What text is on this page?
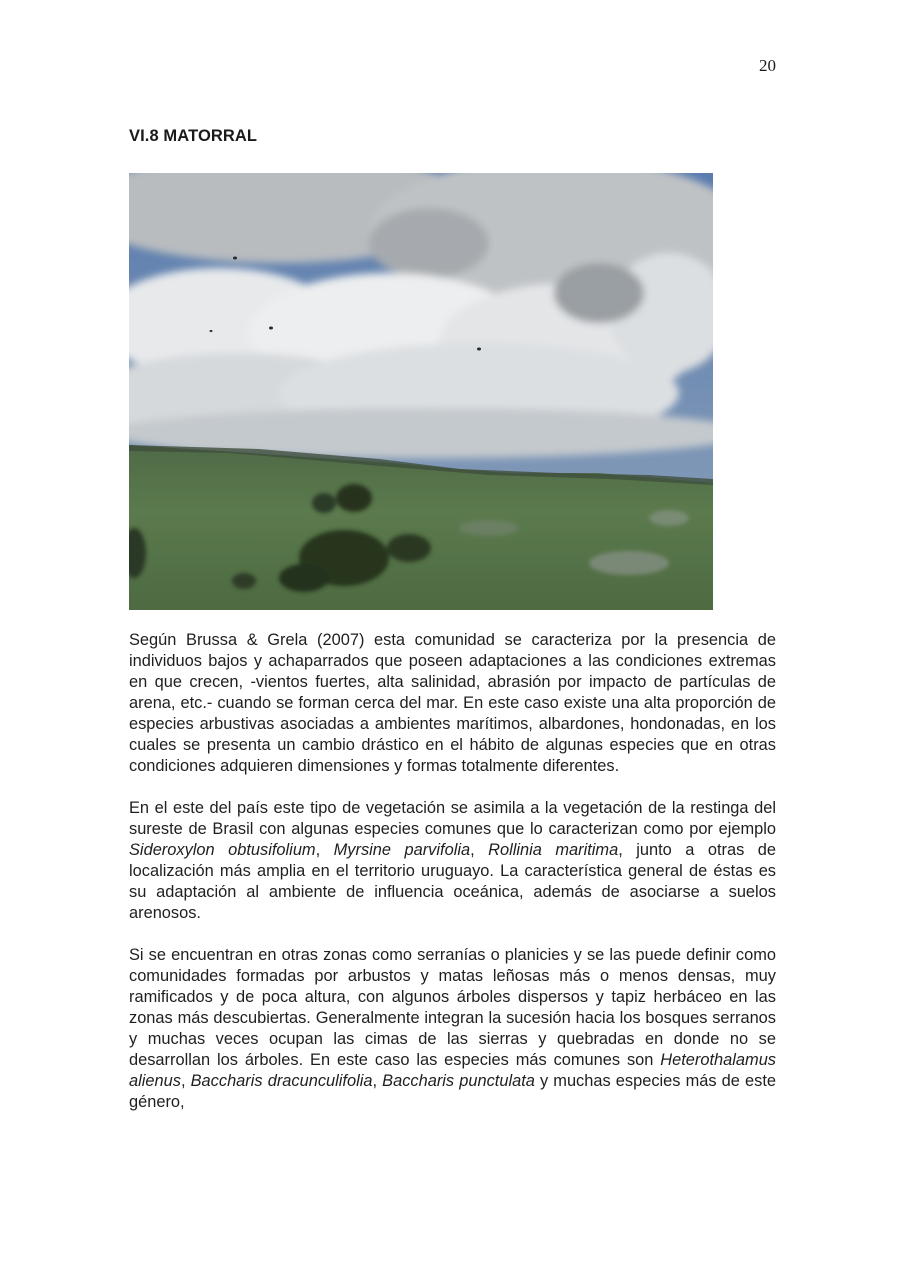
20
VI.8 MATORRAL

Según Brussa & Grela (2007) esta comunidad se caracteriza por la presencia de individuos bajos y achaparrados que poseen adaptaciones a las condiciones extremas en que crecen, -vientos fuertes, alta salinidad, abrasión por impacto de partículas de arena, etc.- cuando se forman cerca del mar. En este caso existe una alta proporción de especies arbustivas asociadas a ambientes marítimos, albardones, hondonadas, en los cuales se presenta un cambio drástico en el hábito de algunas especies que en otras condiciones adquieren dimensiones y formas totalmente diferentes.

En el este del país este tipo de vegetación se asimila a la vegetación de la restinga del sureste de Brasil con algunas especies comunes que lo caracterizan como por ejemplo Sideroxylon obtusifolium, Myrsine parvifolia, Rollinia maritima, junto a otras de localización más amplia en el territorio uruguayo. La característica general de éstas es su adaptación al ambiente de influencia oceánica, además de asociarse a suelos arenosos.

Si se encuentran en otras zonas como serranías o planicies y se las puede definir como comunidades formadas por arbustos y matas leñosas más o menos densas, muy ramificados y de poca altura, con algunos árboles dispersos y tapiz herbáceo en las zonas más descubiertas. Generalmente integran la sucesión hacia los bosques serranos y muchas veces ocupan las cimas de las sierras y quebradas en donde no se desarrollan los árboles. En este caso las especies más comunes son Heterothalamus alienus, Baccharis dracunculifolia, Baccharis punctulata y muchas especies más de este género,
